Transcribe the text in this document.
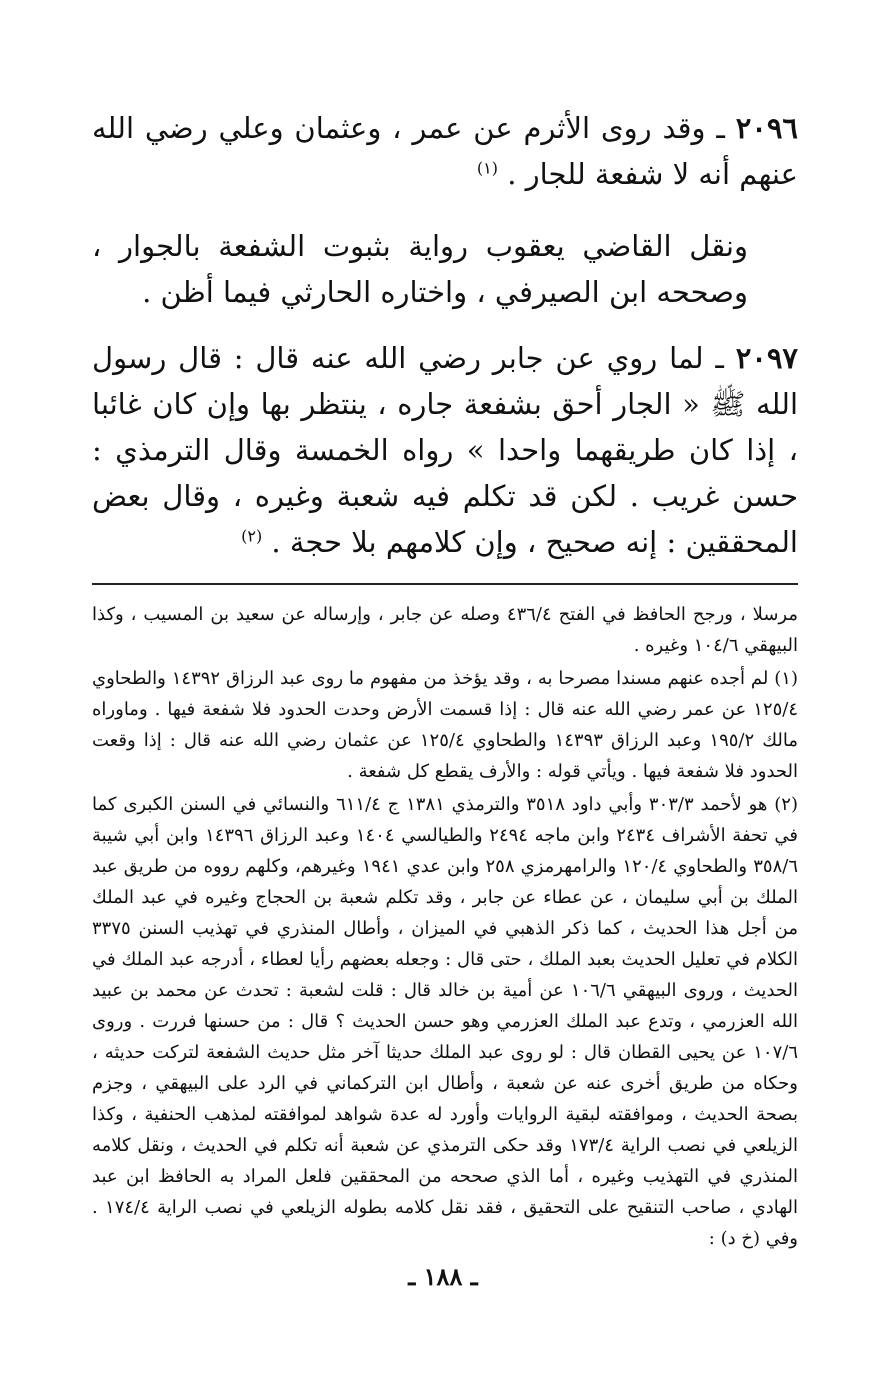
٢٠٩٦ ـ وقد روى الأثرم عن عمر ، وعثمان وعلي رضي الله عنهم أنه لا شفعة للجار . $^{(١)}$

ونقل القاضي يعقوب رواية بثبوت الشفعة بالجوار ، وصححه ابن الصيرفي ، واختاره الحارثي فيما أظن .

٢٠٩٧ ـ لما روي عن جابر رضي الله عنه قال : قال رسول الله ﷺ « الجار أحق بشفعة جاره ، ينتظر بها وإن كان غائبا ، إذا كان طريقهما واحدا » رواه الخمسة وقال الترمذي : حسن غريب . لكن قد تكلم فيه شعبة وغيره ، وقال بعض المحققين : إنه صحيح ، وإن كلامهم بلا حجة . $^{(٢)}$

مرسلا ، ورجح الحافظ في الفتح ٤٣٦/٤ وصله عن جابر ، وإرساله عن سعيد بن المسيب ، وكذا البيهقي ١٠٤/٦ وغيره .

(١) لم أجده عنهم مسندا مصرحا به ، وقد يؤخذ من مفهوم ما روى عبد الرزاق ١٤٣٩٢ والطحاوي ١٢٥/٤ عن عمر رضي الله عنه قال : إذا قسمت الأرض وحدت الحدود فلا شفعة فيها . وماوراه مالك ١٩٥/٢ وعبد الرزاق ١٤٣٩٣ والطحاوي ١٢٥/٤ عن عثمان رضي الله عنه قال : إذا وقعت الحدود فلا شفعة فيها . ويأتي قوله : والأرف يقطع كل شفعة .

(٢) هو لأحمد ٣٠٣/٣ وأبي داود ٣٥١٨ والترمذي ١٣٨١ ج ٦١١/٤ والنسائي في السنن الكبرى كما في تحفة الأشراف ٢٤٣٤ وابن ماجه ٢٤٩٤ والطيالسي ١٤٠٤ وعبد الرزاق ١٤٣٩٦ وابن أبي شيبة ٣٥٨/٦ والطحاوي ١٢٠/٤ والرامهرمزي ٢٥٨ وابن عدي ١٩٤١ وغيرهم، وكلهم رووه من طريق عبد الملك بن أبي سليمان ، عن عطاء عن جابر ، وقد تكلم شعبة بن الحجاج وغيره في عبد الملك من أجل هذا الحديث ، كما ذكر الذهبي في الميزان ، وأطال المنذري في تهذيب السنن ٣٣٧٥ الكلام في تعليل الحديث بعبد الملك ، حتى قال : وجعله بعضهم رأيا لعطاء ، أدرجه عبد الملك في الحديث ، وروى البيهقي ١٠٦/٦ عن أمية بن خالد قال : قلت لشعبة : تحدث عن محمد بن عبيد الله العزرمي ، وتدع عبد الملك العزرمي وهو حسن الحديث ؟ قال : من حسنها فررت . وروى ١٠٧/٦ عن يحيى القطان قال : لو روى عبد الملك حديثا آخر مثل حديث الشفعة لتركت حديثه ، وحكاه من طريق أخرى عنه عن شعبة ، وأطال ابن التركماني في الرد على البيهقي ، وجزم بصحة الحديث ، وموافقته لبقية الروايات وأورد له عدة شواهد لموافقته لمذهب الحنفية ، وكذا الزيلعي في نصب الراية ١٧٣/٤ وقد حكى الترمذي عن شعبة أنه تكلم في الحديث ، ونقل كلامه المنذري في التهذيب وغيره ، أما الذي صححه من المحققين فلعل المراد به الحافظ ابن عبد الهادي ، صاحب التنقيح على التحقيق ، فقد نقل كلامه بطوله الزيلعي في نصب الراية ١٧٤/٤ . وفي (خ د) :

ـ ١٨٨ ـ
